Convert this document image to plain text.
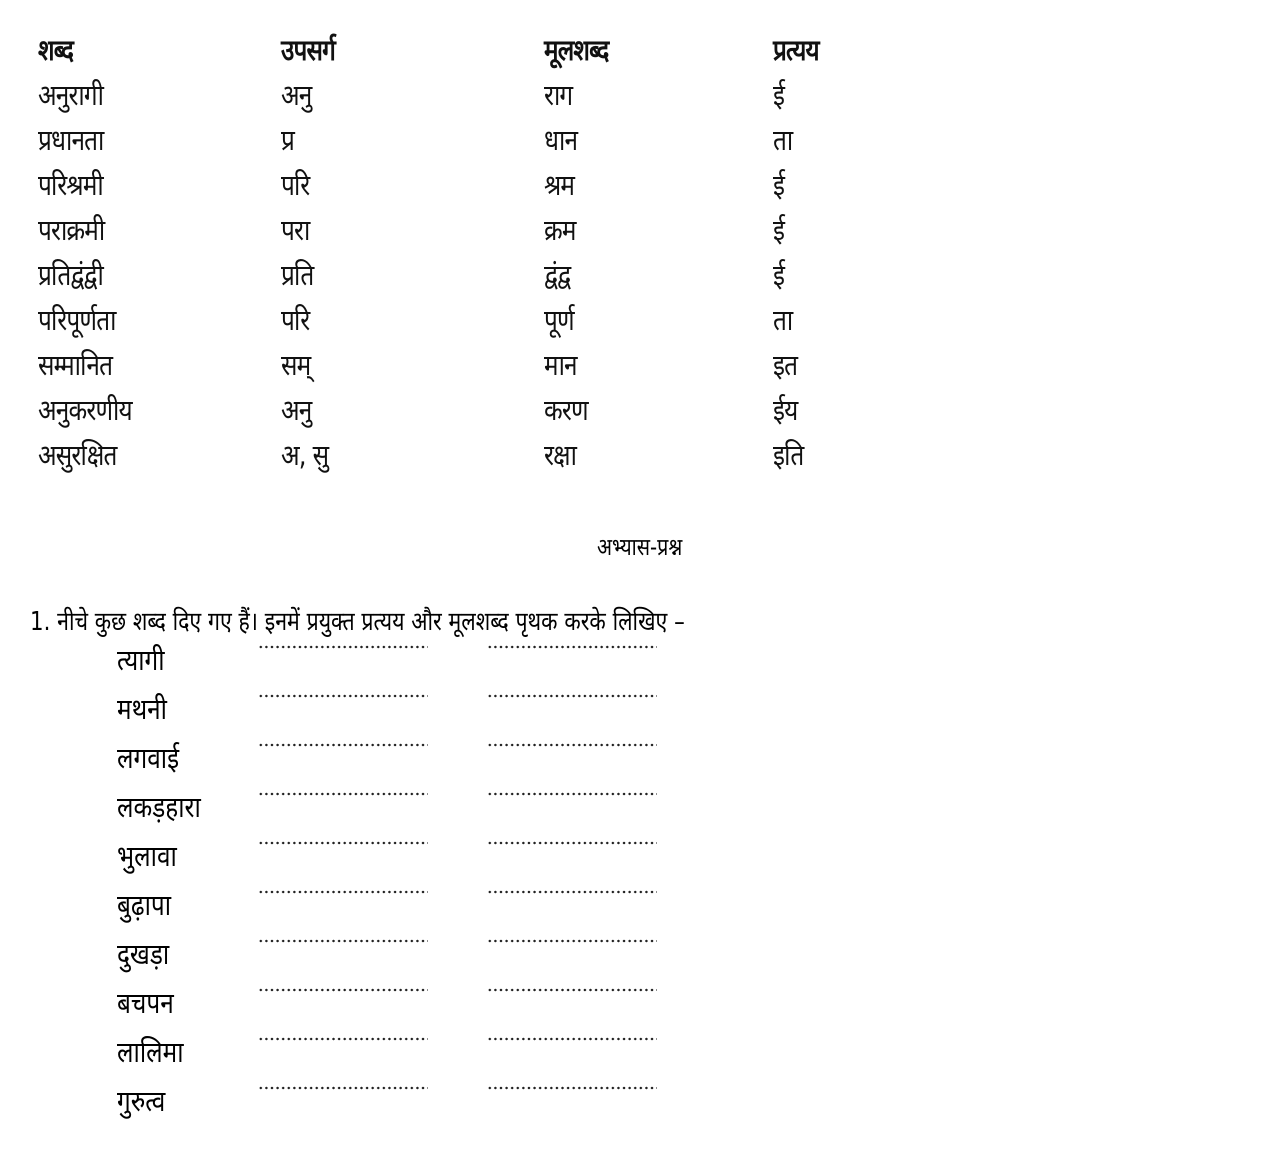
शब्द	उपसर्ग	मूलशब्द	प्रत्यय
अनुरागी	अनु	राग	ई
प्रधानता	प्र	धान	ता
परिश्रमी	परि	श्रम	ई
पराक्रमी	परा	क्रम	ई
प्रतिद्वंद्वी	प्रति	द्वंद्व	ई
परिपूर्णता	परि	पूर्ण	ता
सम्मानित	सम्	मान	इत
अनुकरणीय	अनु	करण	ईय
असुरक्षित	अ, सु	रक्षा	इति
अभ्यास-प्रश्न
1. नीचे कुछ शब्द दिए गए हैं। इनमें प्रयुक्त प्रत्यय और मूलशब्द पृथक करके लिखिए –
त्यागी
मथनी
लगवाई
लकड़हारा
भुलावा
बुढ़ापा
दुखड़ा
बचपन
लालिमा
गुरुत्व
